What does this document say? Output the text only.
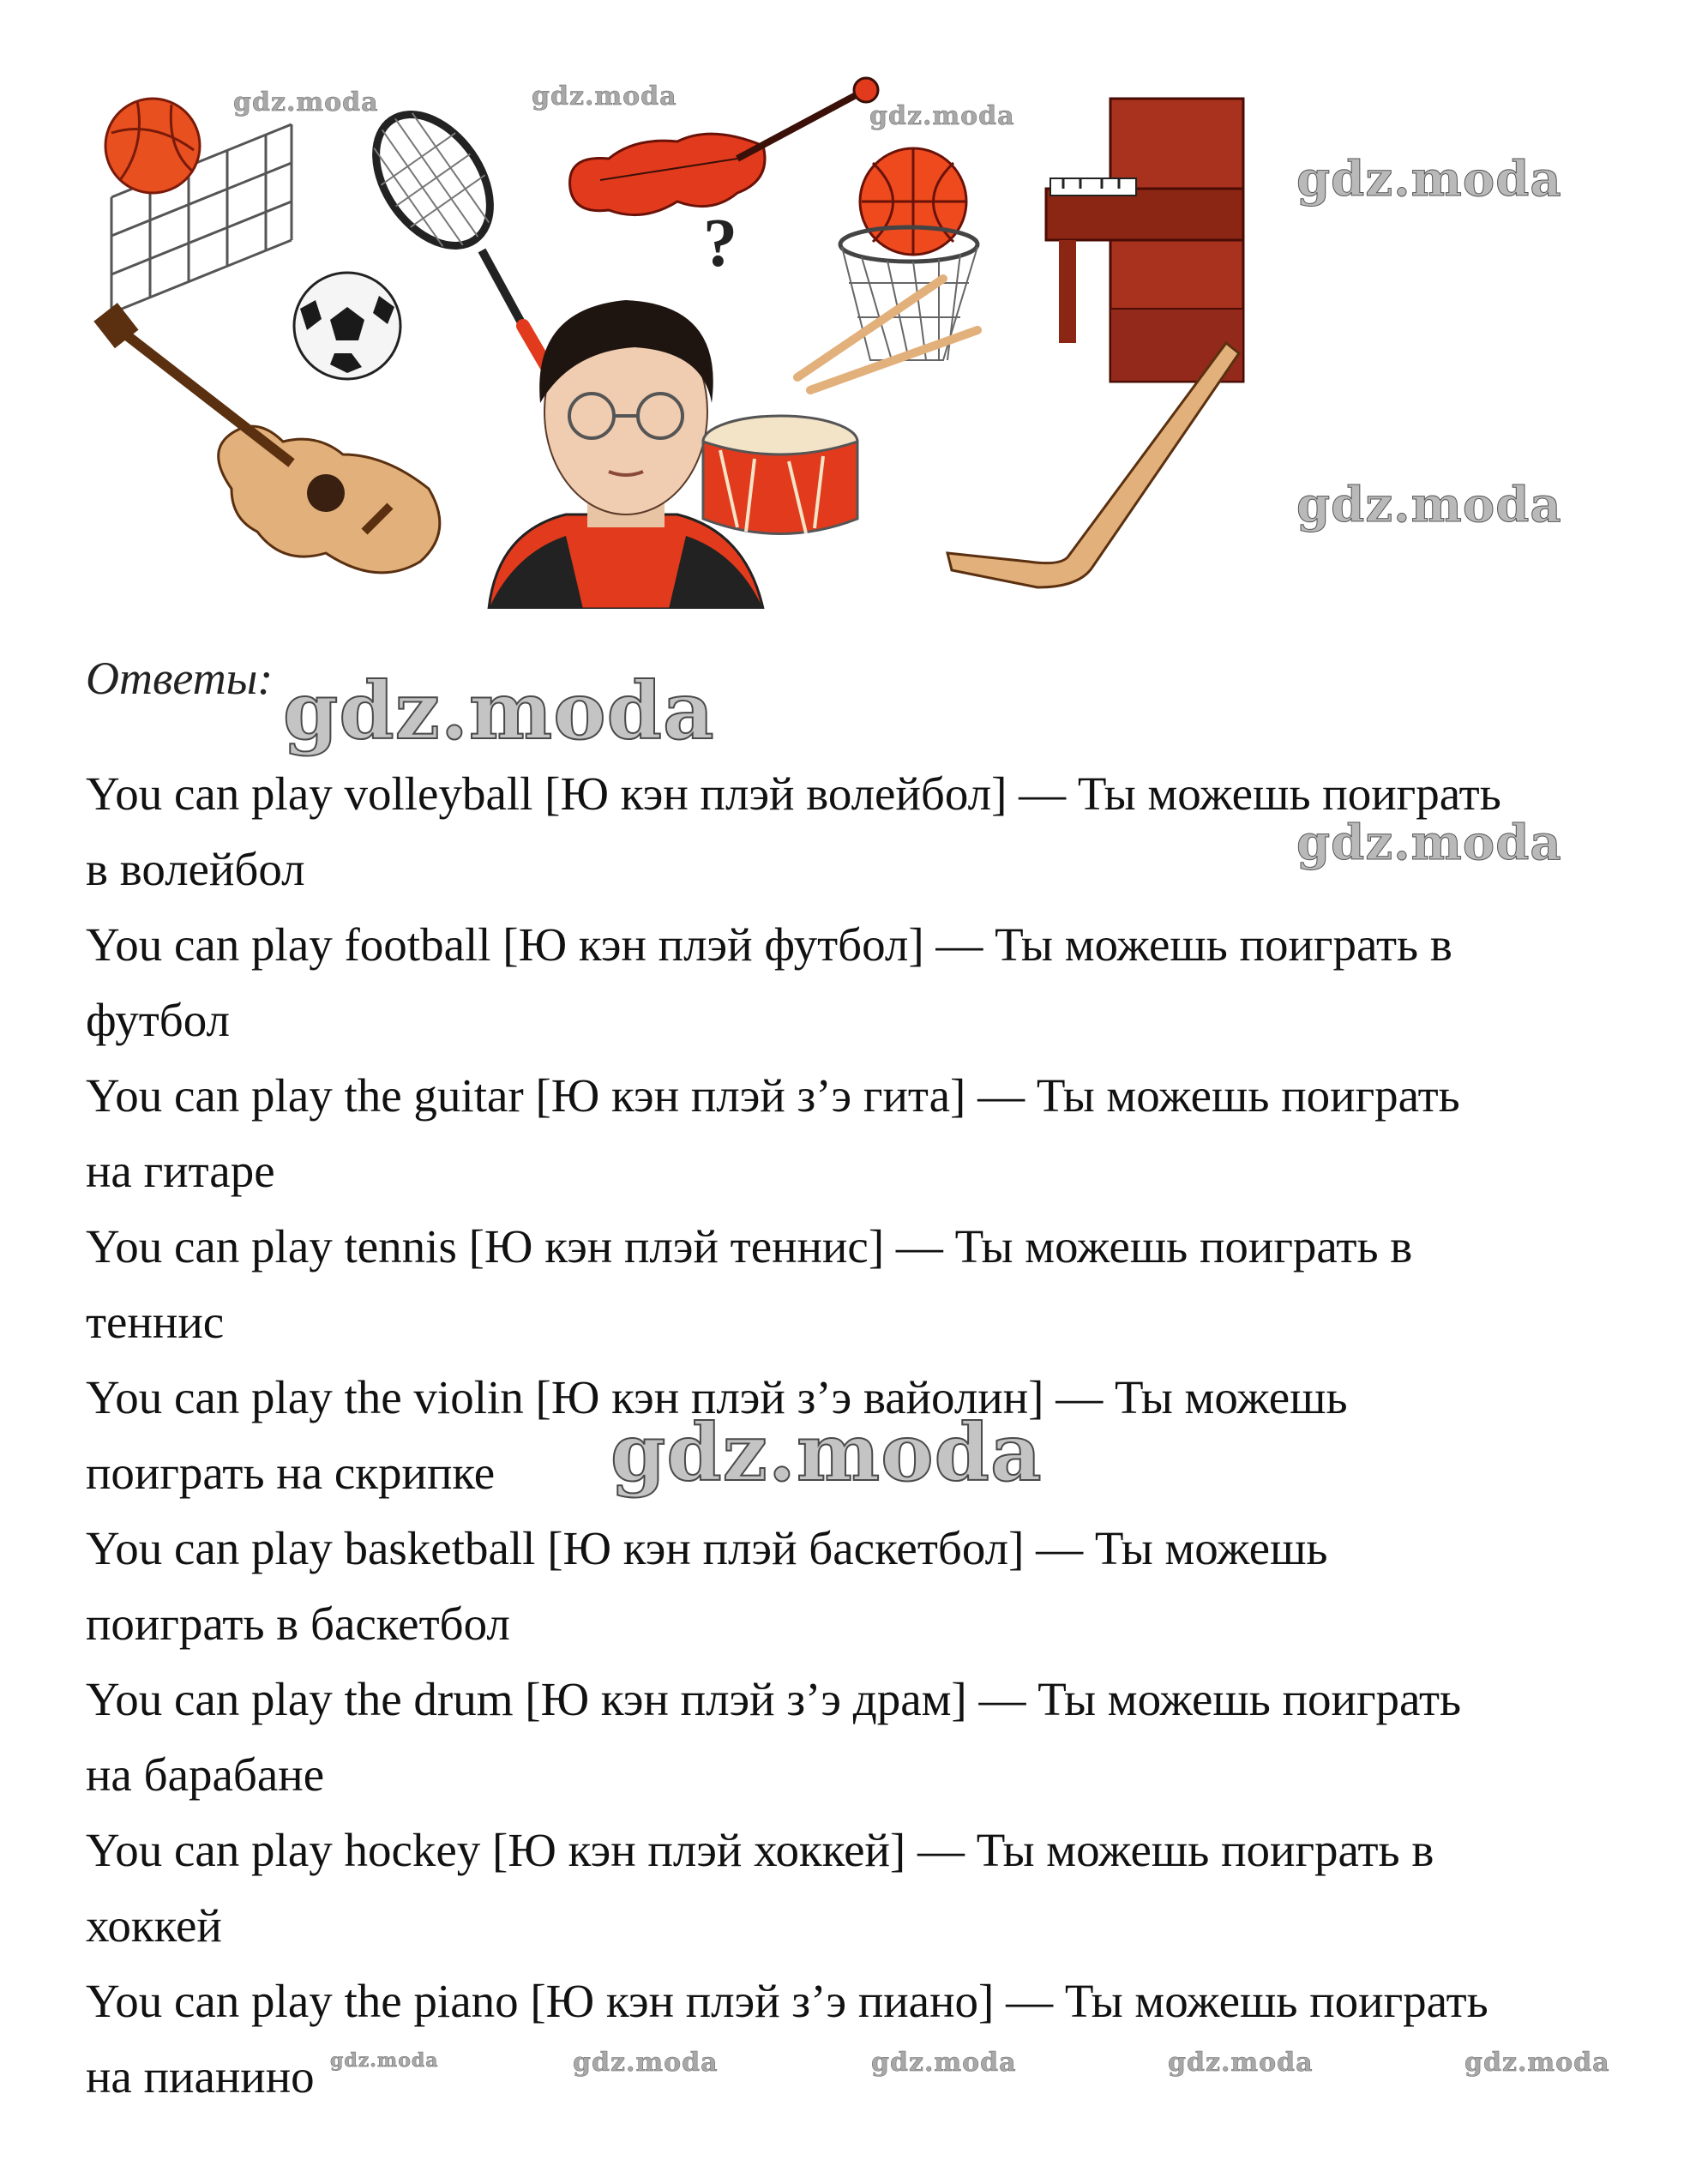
?
gdz.moda	gdz.moda
gdz.moda
gdz.moda
gdz.moda
gdz.moda
gdz.moda
gdz.moda
gdz.moda	gdz.moda	gdz.moda	gdz.moda	gdz.moda
Ответы:
You can play volleyball [Ю кэн плэй волейбол] — Ты можешь поиграть
в волейбол
You can play football [Ю кэн плэй футбол] — Ты можешь поиграть в
футбол
You can play the guitar [Ю кэн плэй з’э гита] — Ты можешь поиграть
на гитаре
You can play tennis [Ю кэн плэй теннис] — Ты можешь поиграть в
теннис
You can play the violin [Ю кэн плэй з’э вайолин] — Ты можешь
поиграть на скрипке
You can play basketball [Ю кэн плэй баскетбол] — Ты можешь
поиграть в баскетбол
You can play the drum [Ю кэн плэй з’э драм] — Ты можешь поиграть
на барабане
You can play hockey [Ю кэн плэй хоккей] — Ты можешь поиграть в
хоккей
You can play the piano [Ю кэн плэй з’э пиано] — Ты можешь поиграть
на пианино
